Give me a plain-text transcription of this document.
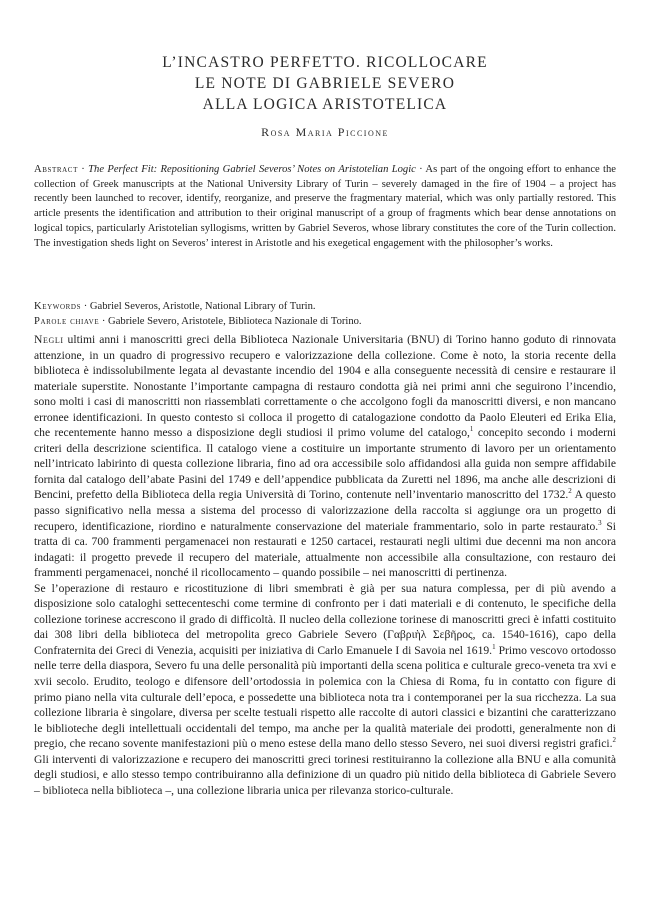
L’INCASTRO PERFETTO. RICOLLOCARE
LE NOTE DI GABRIELE SEVERO
ALLA LOGICA ARISTOTELICA
Rosa Maria Piccione
Abstract · The Perfect Fit: Repositioning Gabriel Severos’ Notes on Aristotelian Logic · As part of the ongoing effort to enhance the collection of Greek manuscripts at the National University Library of Turin – severely damaged in the fire of 1904 – a project has recently been launched to recover, identify, reorganize, and preserve the fragmentary material, which was only partially restored. This article presents the identification and attribution to their original manuscript of a group of fragments which bear dense annotations on logical topics, particularly Aristotelian syllogisms, written by Gabriel Severos, whose library constitutes the core of the Turin collection. The investigation sheds light on Severos’ interest in Aristotle and his exegetical engagement with the philosopher’s works.
Keywords · Gabriel Severos, Aristotle, National Library of Turin.
Parole chiave · Gabriele Severo, Aristotele, Biblioteca Nazionale di Torino.

Negli ultimi anni i manoscritti greci della Biblioteca Nazionale Universitaria (BNU) di Torino hanno goduto di rinnovata attenzione, in un quadro di progressivo recupero e valorizzazione della collezione. Come è noto, la storia recente della biblioteca è indissolubilmente legata al devastante incendio del 1904 e alla conseguente necessità di censire e restaurare il materiale superstite. Nonostante l’importante campagna di restauro condotta già nei primi anni che seguirono l’incendio, sono molti i casi di manoscritti non riassemblati correttamente o che accolgono fogli da manoscritti diversi, e non mancano erronee identificazioni. In questo contesto si colloca il progetto di catalogazione condotto da Paolo Eleuteri ed Erika Elia, che recentemente hanno messo a disposizione degli studiosi il primo volume del catalogo,$^1$ concepito secondo i moderni criteri della descrizione scientifica. Il catalogo viene a costituire un importante strumento di lavoro per un orientamento nell’intricato labirinto di questa collezione libraria, fino ad ora accessibile solo affidandosi alla guida non sempre affidabile fornita dal catalogo dell’abate Pasini del 1749 e dell’appendice pubblicata da Zuretti nel 1896, ma anche alle descrizioni di Bencini, prefetto della Biblioteca della regia Università di Torino, contenute nell’inventario manoscritto del 1732.$^2$ A questo passo significativo nella messa a sistema del processo di valorizzazione della raccolta si aggiunge ora un progetto di recupero, identificazione, riordino e naturalmente conservazione del materiale frammentario, solo in parte restaurato.$^3$ Si tratta di ca. 700 frammenti pergamenacei non restaurati e 1250 cartacei, restaurati negli ultimi due decenni ma non ancora indagati: il progetto prevede il recupero del materiale, attualmente non accessibile alla consultazione, con restauro dei frammenti pergamenacei, nonché il ricollocamento – quando possibile – nei manoscritti di pertinenza.

Se l’operazione di restauro e ricostituzione di libri smembrati è già per sua natura complessa, per di più avendo a disposizione solo cataloghi settecenteschi come termine di confronto per i dati materiali e di contenuto, le specifiche della collezione torinese accrescono il grado di difficoltà. Il nucleo della collezione torinese di manoscritti greci è infatti costituito dai 308 libri della biblioteca del metropolita greco Gabriele Severo (Γαβριὴλ Σεβῆρος, ca. 1540-1616), capo della Confraternita dei Greci di Venezia, acquisiti per iniziativa di Carlo Emanuele I di Savoia nel 1619.$^1$ Primo vescovo ortodosso nelle terre della diaspora, Severo fu una delle personalità più importanti della scena politica e culturale greco-veneta tra xvi e xvii secolo. Erudito, teologo e difensore dell’ortodossia in polemica con la Chiesa di Roma, fu in contatto con figure di primo piano nella vita culturale dell’epoca, e possedette una biblioteca nota tra i contemporanei per la sua ricchezza. La sua collezione libraria è singolare, diversa per scelte testuali rispetto alle raccolte di autori classici e bizantini che caratterizzano le biblioteche degli intellettuali occidentali del tempo, ma anche per la qualità materiale dei prodotti, generalmente non di pregio, che recano sovente manifestazioni più o meno estese della mano dello stesso Severo, nei suoi diversi registri grafici.$^2$ Gli interventi di valorizzazione e recupero dei manoscritti greci torinesi restituiranno la collezione alla BNU e alla comunità degli studiosi, e allo stesso tempo contribuiranno alla definizione di un quadro più nitido della biblioteca di Gabriele Severo – biblioteca nella biblioteca –, una collezione libraria unica per rilevanza storico-culturale.
